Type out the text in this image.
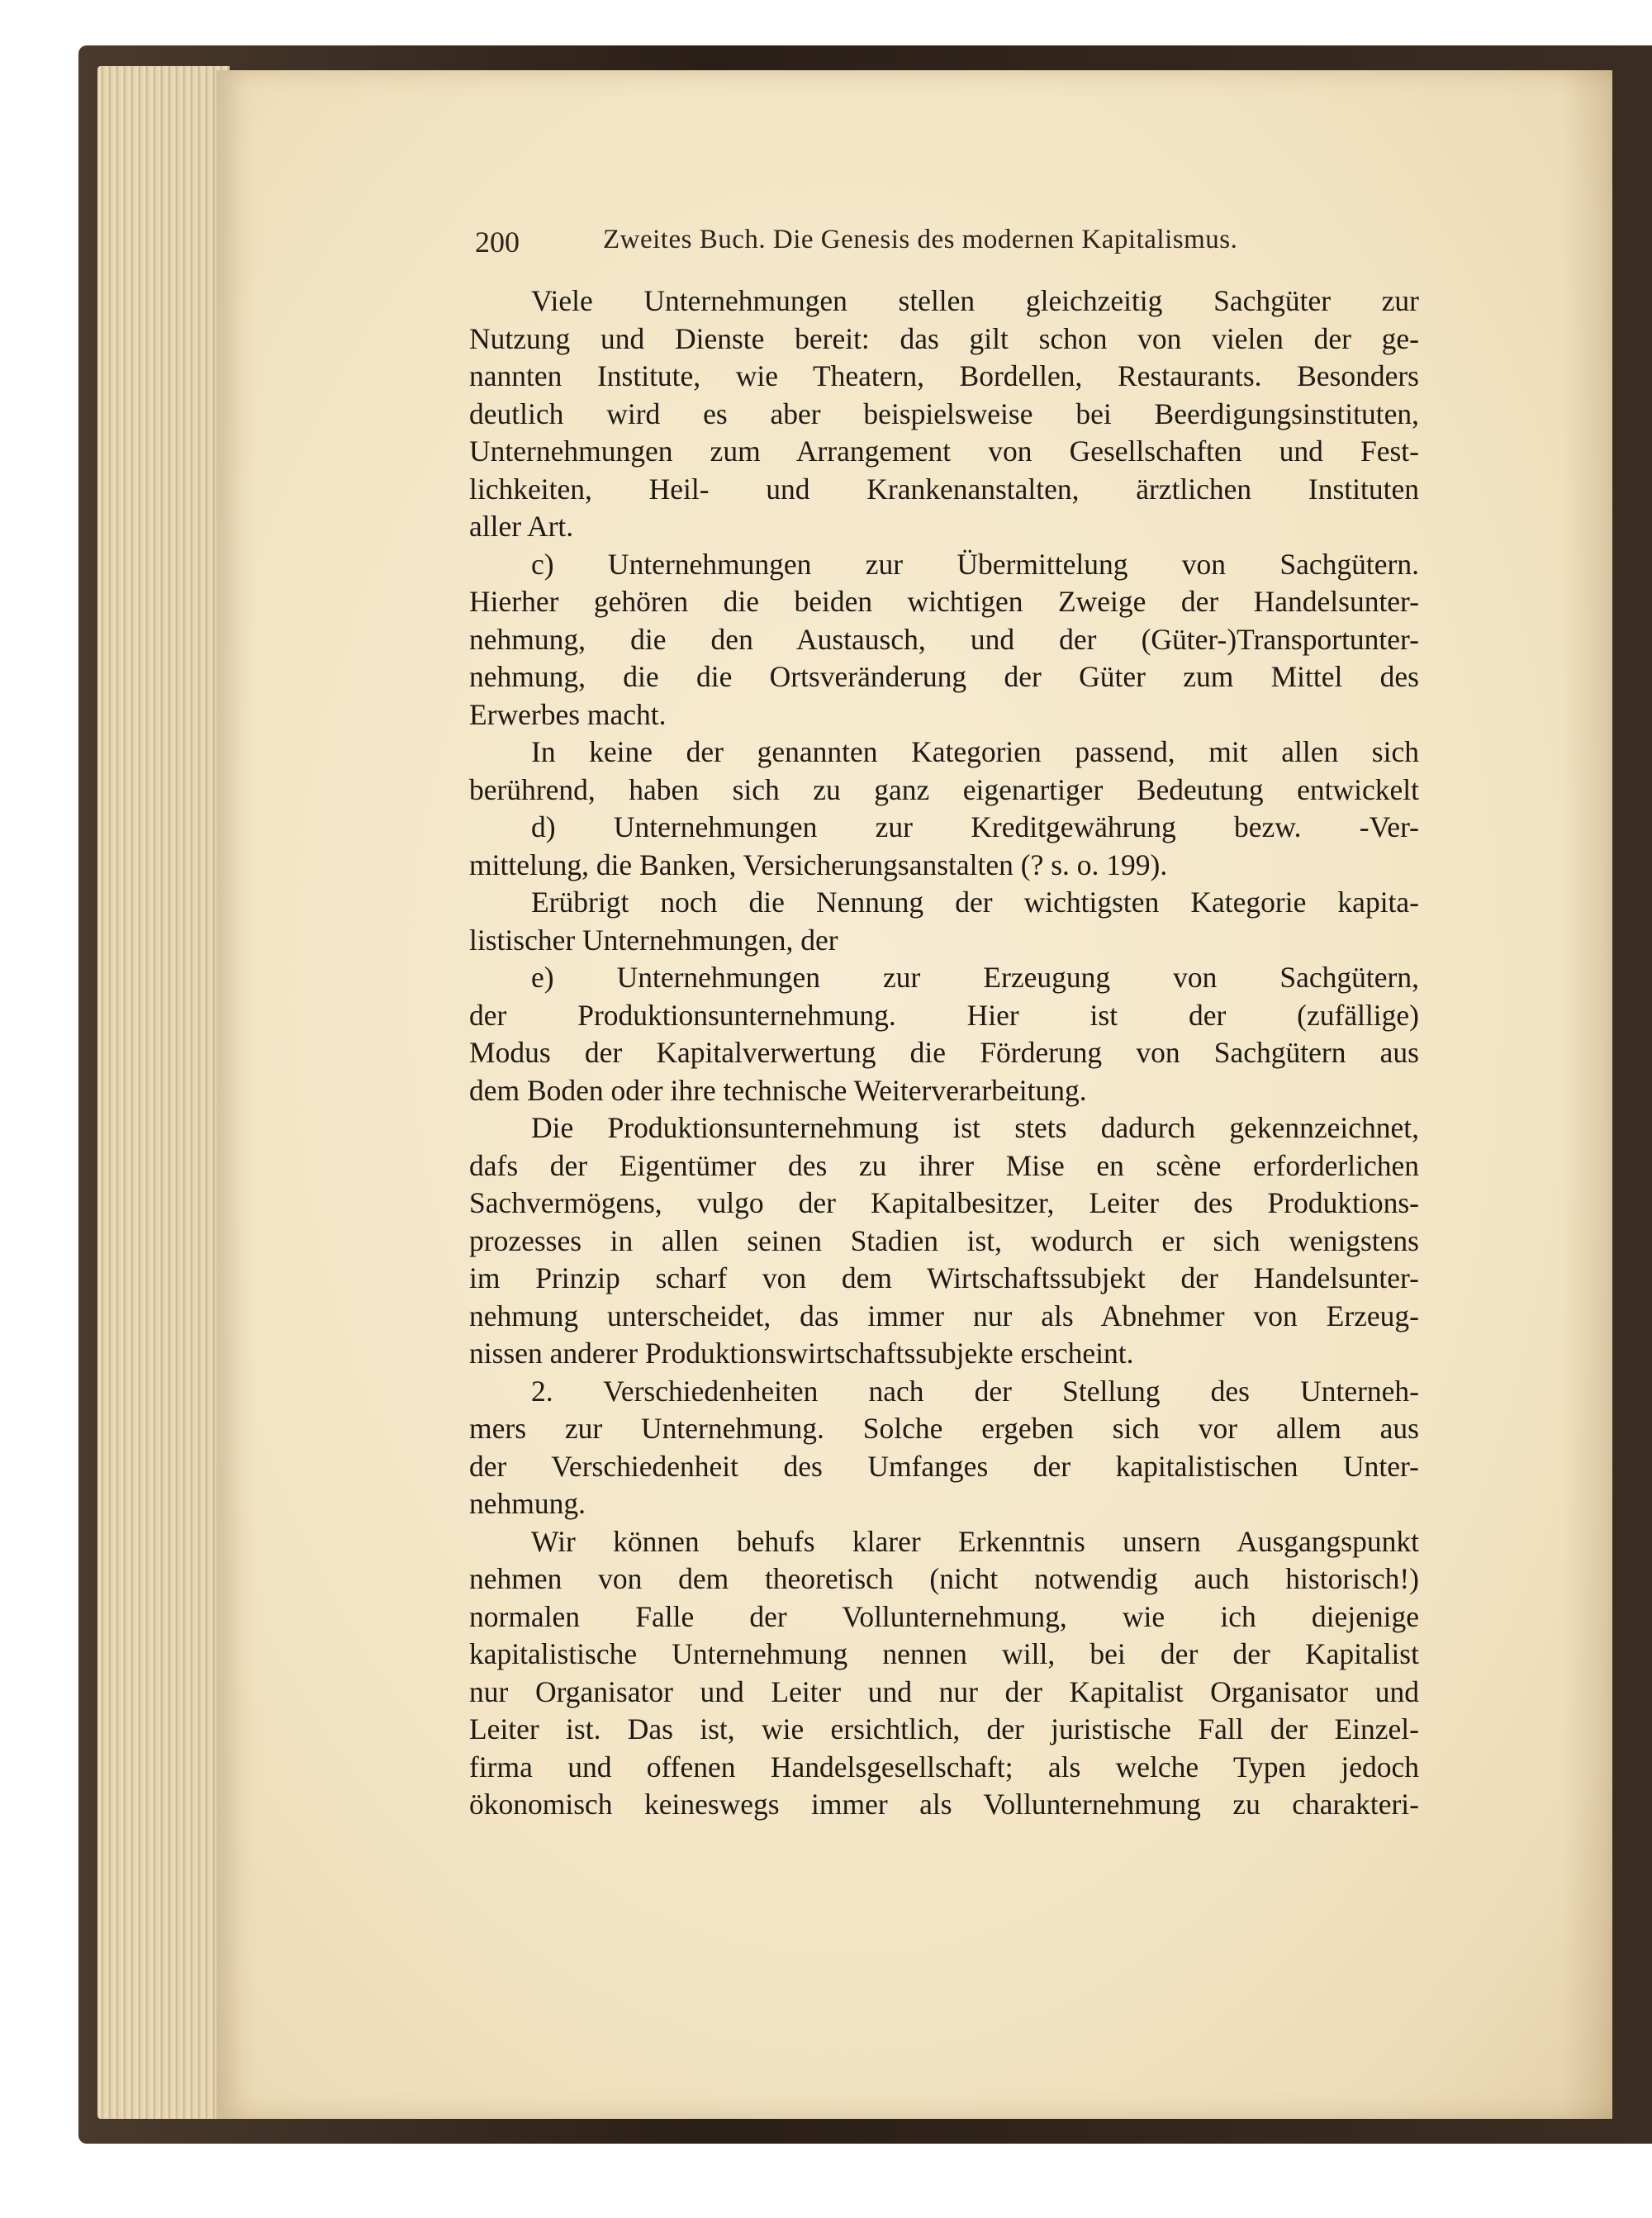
200	Zweites Buch. Die Genesis des modernen Kapitalismus.
Viele Unternehmungen stellen gleichzeitig Sachgüter zur
Nutzung und Dienste bereit: das gilt schon von vielen der ge-
nannten Institute, wie Theatern, Bordellen, Restaurants. Besonders
deutlich wird es aber beispielsweise bei Beerdigungsinstituten,
Unternehmungen zum Arrangement von Gesellschaften und Fest-
lichkeiten, Heil- und Krankenanstalten, ärztlichen Instituten
aller Art.
c) Unternehmungen zur Übermittelung von Sachgütern.
Hierher gehören die beiden wichtigen Zweige der Handelsunter-
nehmung, die den Austausch, und der (Güter-)Transportunter-
nehmung, die die Ortsveränderung der Güter zum Mittel des
Erwerbes macht.
In keine der genannten Kategorien passend, mit allen sich
berührend, haben sich zu ganz eigenartiger Bedeutung entwickelt
d) Unternehmungen zur Kreditgewährung bezw. -Ver-
mittelung, die Banken, Versicherungsanstalten (? s. o. 199).
Erübrigt noch die Nennung der wichtigsten Kategorie kapita-
listischer Unternehmungen, der
e) Unternehmungen zur Erzeugung von Sachgütern,
der Produktionsunternehmung. Hier ist der (zufällige)
Modus der Kapitalverwertung die Förderung von Sachgütern aus
dem Boden oder ihre technische Weiterverarbeitung.
Die Produktionsunternehmung ist stets dadurch gekennzeichnet,
dafs der Eigentümer des zu ihrer Mise en scène erforderlichen
Sachvermögens, vulgo der Kapitalbesitzer, Leiter des Produktions-
prozesses in allen seinen Stadien ist, wodurch er sich wenigstens
im Prinzip scharf von dem Wirtschaftssubjekt der Handelsunter-
nehmung unterscheidet, das immer nur als Abnehmer von Erzeug-
nissen anderer Produktionswirtschaftssubjekte erscheint.
2. Verschiedenheiten nach der Stellung des Unterneh-
mers zur Unternehmung. Solche ergeben sich vor allem aus
der Verschiedenheit des Umfanges der kapitalistischen Unter-
nehmung.
Wir können behufs klarer Erkenntnis unsern Ausgangspunkt
nehmen von dem theoretisch (nicht notwendig auch historisch!)
normalen Falle der Vollunternehmung, wie ich diejenige
kapitalistische Unternehmung nennen will, bei der der Kapitalist
nur Organisator und Leiter und nur der Kapitalist Organisator und
Leiter ist. Das ist, wie ersichtlich, der juristische Fall der Einzel-
firma und offenen Handelsgesellschaft; als welche Typen jedoch
ökonomisch keineswegs immer als Vollunternehmung zu charakteri-
